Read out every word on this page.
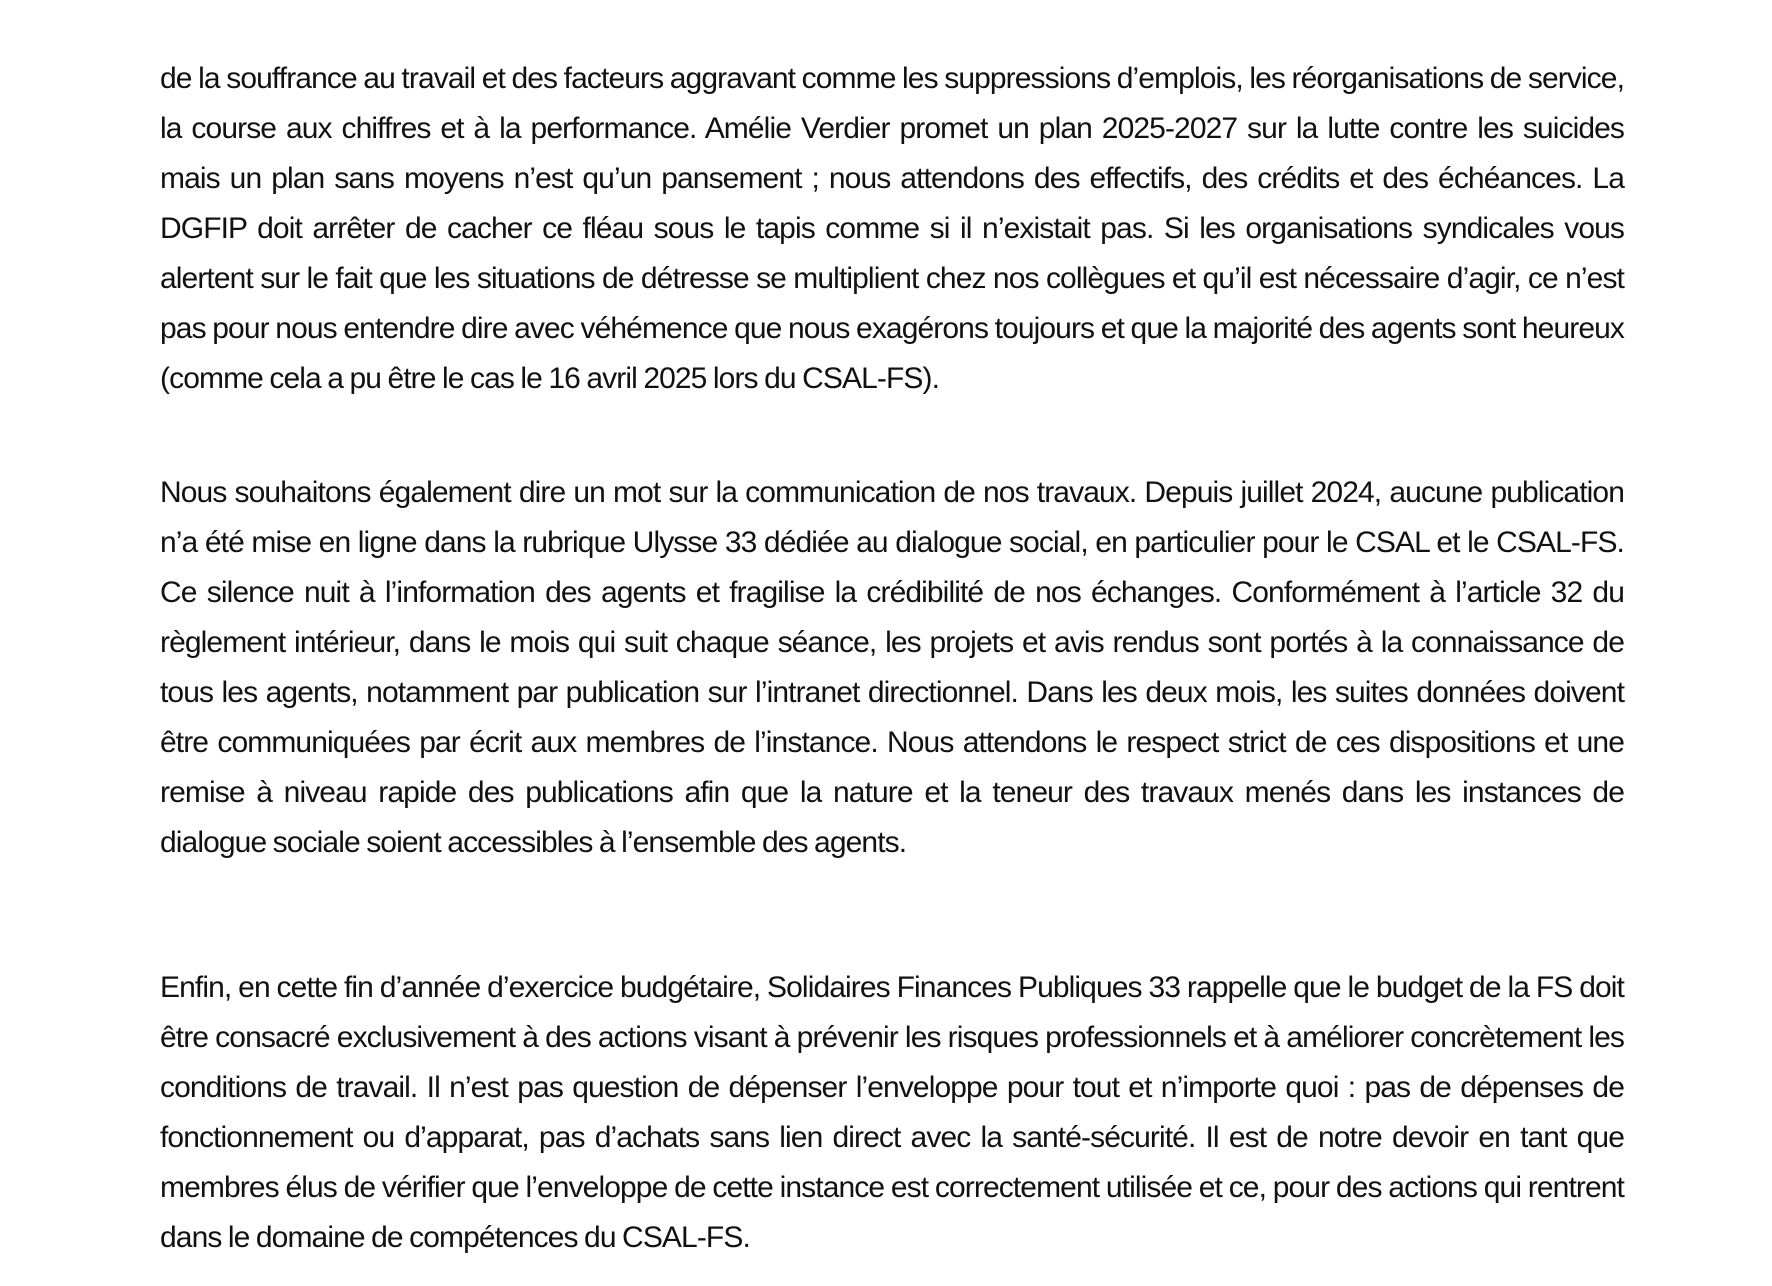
de la souffrance au travail et des facteurs aggravant comme les suppressions d’emplois, les réorganisations de service, la course aux chiffres et à la performance. Amélie Verdier promet un plan 2025-2027 sur la lutte contre les suicides mais un plan sans moyens n’est qu’un pansement ; nous attendons des effectifs, des crédits et des échéances. La DGFIP doit arrêter de cacher ce fléau sous le tapis comme si il n’existait pas. Si les organisations syndicales vous alertent sur le fait que les situations de détresse se multiplient chez nos collègues et qu’il est nécessaire d’agir, ce n’est pas pour nous entendre dire avec véhémence que nous exagérons toujours et que la majorité des agents sont heureux (comme cela a pu être le cas le 16 avril 2025 lors du CSAL-FS).

Nous souhaitons également dire un mot sur la communication de nos travaux. Depuis juillet 2024, aucune publication n’a été mise en ligne dans la rubrique Ulysse 33 dédiée au dialogue social, en particulier pour le CSAL et le CSAL-FS. Ce silence nuit à l’information des agents et fragilise la crédibilité de nos échanges. Conformément à l’article 32 du règlement intérieur, dans le mois qui suit chaque séance, les projets et avis rendus sont portés à la connaissance de tous les agents, notamment par publication sur l’intranet directionnel. Dans les deux mois, les suites données doivent être communiquées par écrit aux membres de l’instance. Nous attendons le respect strict de ces dispositions et une remise à niveau rapide des publications afin que la nature et la teneur des travaux menés dans les instances de dialogue sociale soient accessibles à l’ensemble des agents.

Enfin, en cette fin d’année d’exercice budgétaire, Solidaires Finances Publiques 33 rappelle que le budget de la FS doit être consacré exclusivement à des actions visant à prévenir les risques professionnels et à améliorer concrètement les conditions de travail. Il n’est pas question de dépenser l’enveloppe pour tout et n’importe quoi : pas de dépenses de fonctionnement ou d’apparat, pas d’achats sans lien direct avec la santé-sécurité. Il est de notre devoir en tant que membres élus de vérifier que l’enveloppe de cette instance est correctement utilisée et ce, pour des actions qui rentrent dans le domaine de compétences du CSAL-FS.
